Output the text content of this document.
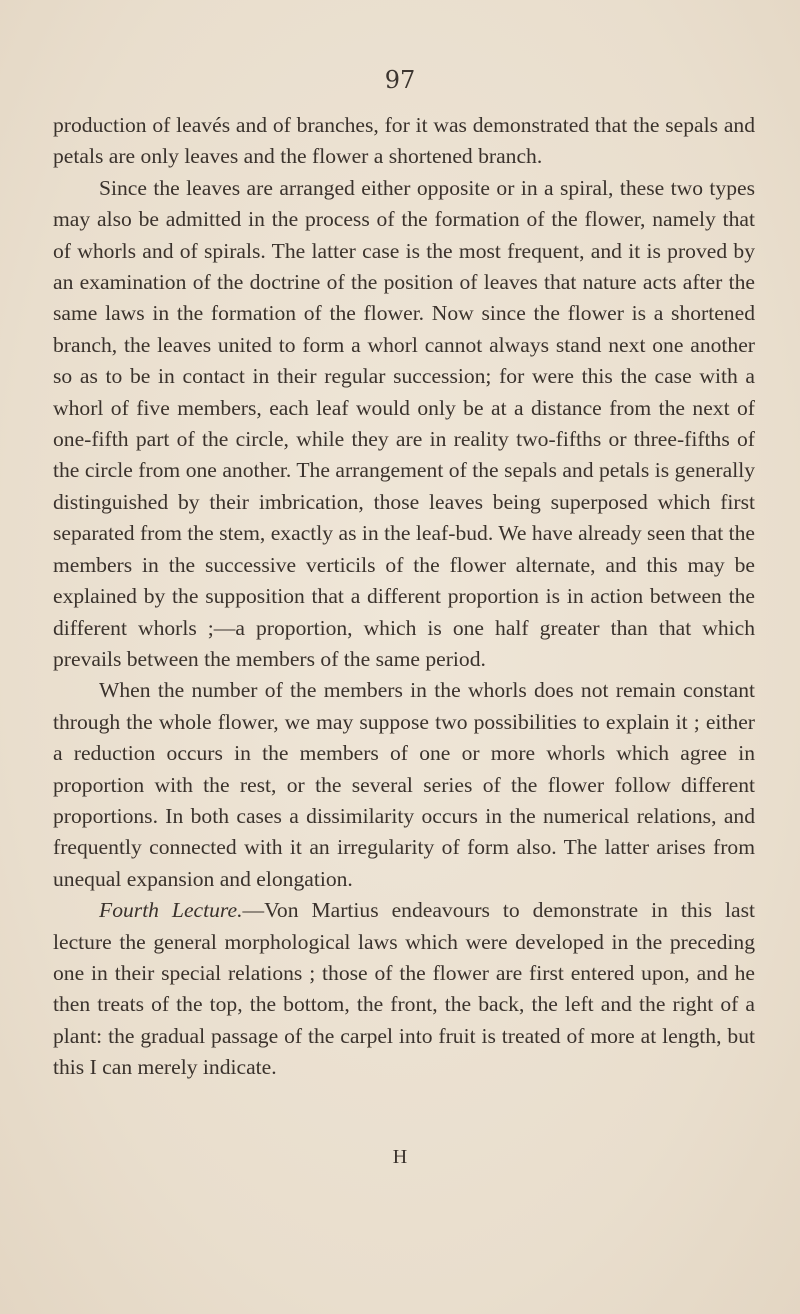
97

production of leavés and of branches, for it was demonstrated that the sepals and petals are only leaves and the flower a shortened branch.

Since the leaves are arranged either opposite or in a spiral, these two types may also be admitted in the process of the formation of the flower, namely that of whorls and of spirals. The latter case is the most frequent, and it is proved by an examination of the doctrine of the position of leaves that nature acts after the same laws in the formation of the flower. Now since the flower is a shortened branch, the leaves united to form a whorl cannot always stand next one another so as to be in contact in their regular succession; for were this the case with a whorl of five members, each leaf would only be at a distance from the next of one-fifth part of the circle, while they are in reality two-fifths or three-fifths of the circle from one another. The arrangement of the sepals and petals is generally distinguished by their imbrication, those leaves being superposed which first separated from the stem, exactly as in the leaf-bud. We have already seen that the members in the successive verticils of the flower alternate, and this may be explained by the supposition that a different proportion is in action between the different whorls ;—a proportion, which is one half greater than that which prevails between the members of the same period.

When the number of the members in the whorls does not remain constant through the whole flower, we may suppose two possibilities to explain it ; either a reduction occurs in the members of one or more whorls which agree in proportion with the rest, or the several series of the flower follow different proportions. In both cases a dissimilarity occurs in the numerical relations, and frequently connected with it an irregularity of form also. The latter arises from unequal expansion and elongation.

Fourth Lecture.—Von Martius endeavours to demonstrate in this last lecture the general morphological laws which were developed in the preceding one in their special relations ; those of the flower are first entered upon, and he then treats of the top, the bottom, the front, the back, the left and the right of a plant: the gradual passage of the carpel into fruit is treated of more at length, but this I can merely indicate.

H
